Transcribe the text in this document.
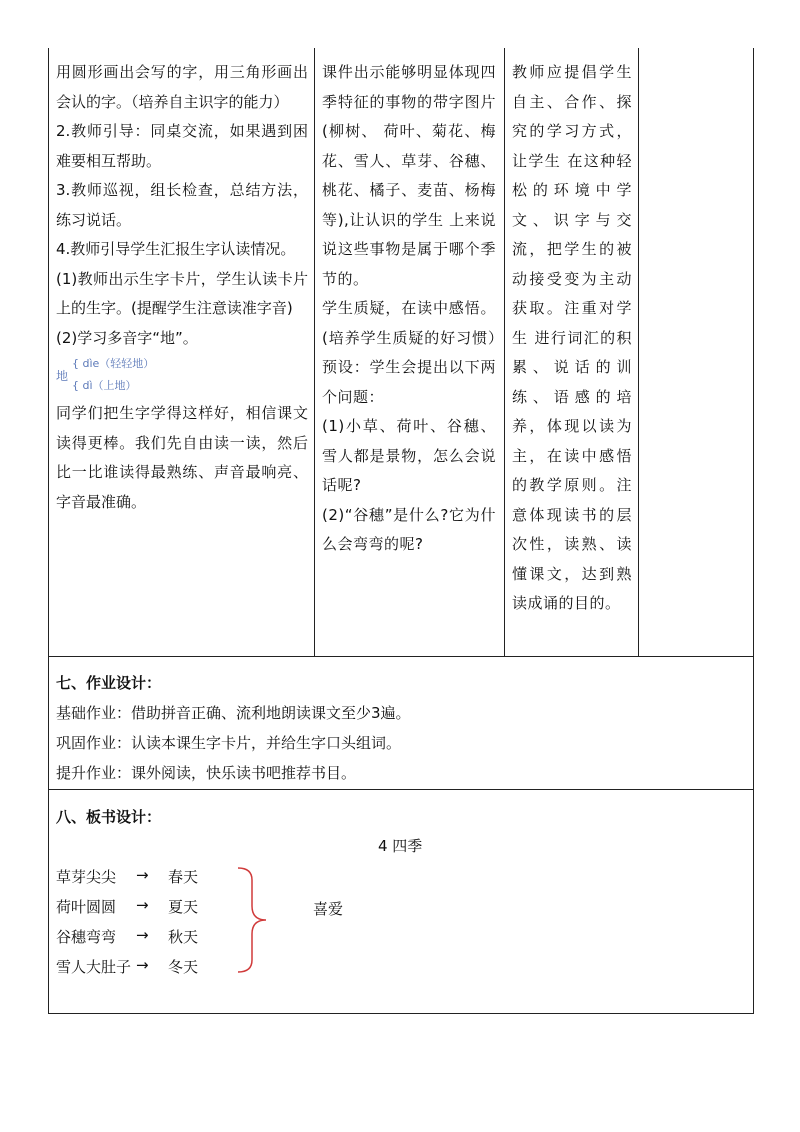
用圆形画出会写的字，用三角形画出会认的字。（培养自主识字的能力）

2.教师引导：同桌交流，如果遇到困难要相互帮助。

3.教师巡视，组长检查，总结方法，练习说话。

4.教师引导学生汇报生字认读情况。

(1)教师出示生字卡片，学生认读卡片上的生字。(提醒学生注意读准字音)

(2)学习多音字“地”。

地
{ dìe（轻轻地）
{ dì（上地）

同学们把生字学得这样好，相信课文读得更棒。我们先自由读一读，然后比一比谁读得最熟练、声音最响亮、字音最准确。

课件出示能够明显体现四季特征的事物的带字图片(柳树、 荷叶、菊花、梅花、雪人、草芽、谷穗、桃花、橘子、麦苗、杨梅等),让认识的学生 上来说说这些事物是属于哪个季节的。

学生质疑，在读中感悟。(培养学生质疑的好习惯）预设：学生会提出以下两个问题：

(1)小草、荷叶、谷穗、雪人都是景物，怎么会说话呢?

(2)“谷穗”是什么?它为什么会弯弯的呢?

教师应提倡学生自主、合作、探究的学习方式，让学生 在这种轻松的环境中学文、识字与交流，把学生的被动接受变为主动获取。注重对学生 进行词汇的积累、说话的训练、语感的培养，体现以读为主，在读中感悟的教学原则。注意体现读书的层次性，读熟、读懂课文，达到熟读成诵的目的。

七、作业设计：
基础作业：借助拼音正确、流利地朗读课文至少3遍。
巩固作业：认读本课生字卡片，并给生字口头组词。
提升作业：课外阅读，快乐读书吧推荐书目。
八、板书设计：
4 四季
草芽尖尖 → 春天
荷叶圆圆 → 夏天
谷穗弯弯 → 秋天
雪人大肚子 → 冬天
喜爱
